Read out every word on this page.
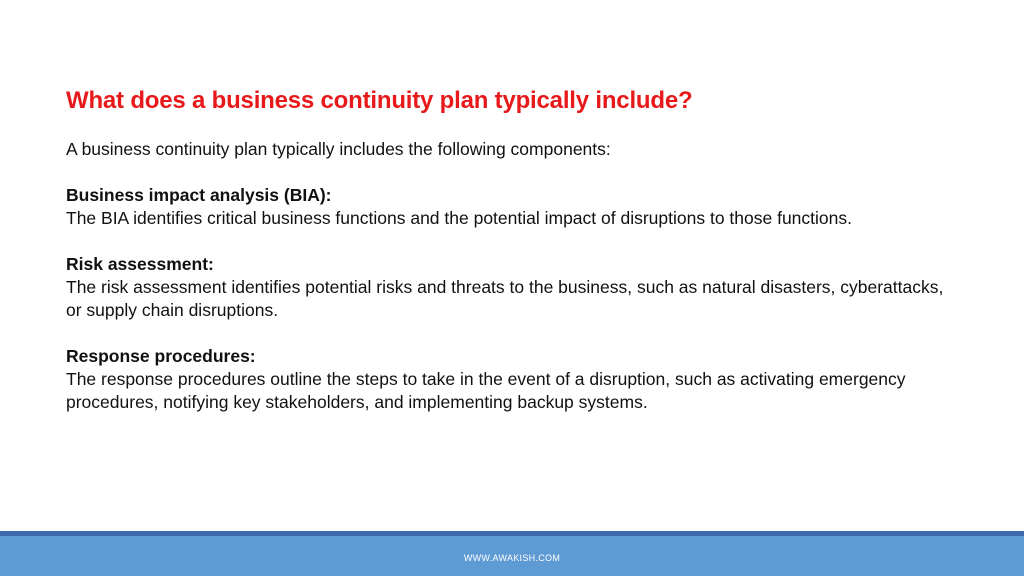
What does a business continuity plan typically include?

A business continuity plan typically includes the following components:

Business impact analysis (BIA):

The BIA identifies critical business functions and the potential impact of disruptions to those functions.

Risk assessment:

The risk assessment identifies potential risks and threats to the business, such as natural disasters, cyberattacks, or supply chain disruptions.

Response procedures:

The response procedures outline the steps to take in the event of a disruption, such as activating emergency procedures, notifying key stakeholders, and implementing backup systems.

WWW.AWAKISH.COM
